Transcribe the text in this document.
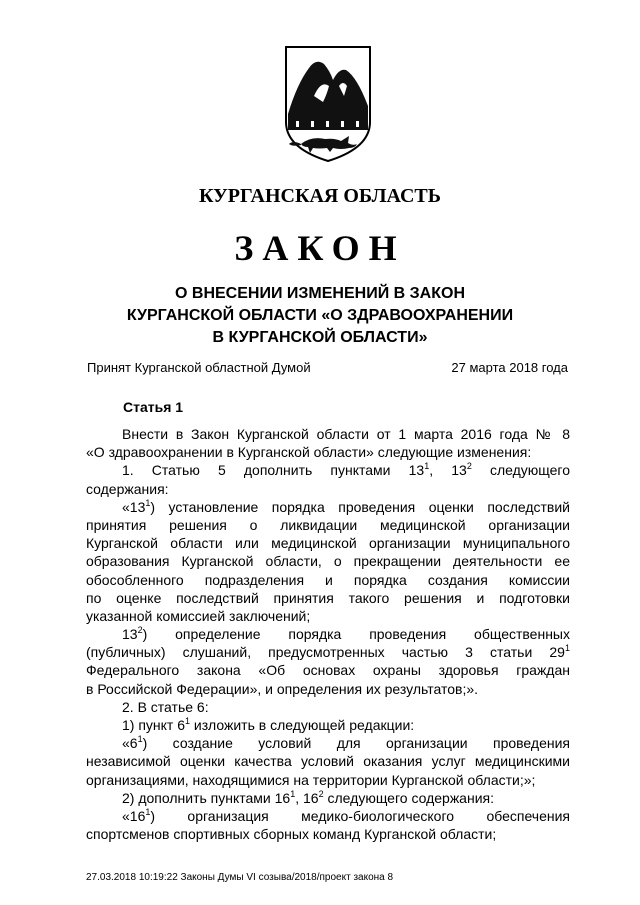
КУРГАНСКАЯ ОБЛАСТЬ
ЗАКОН
О ВНЕСЕНИИ ИЗМЕНЕНИЙ В ЗАКОН
КУРГАНСКОЙ ОБЛАСТИ «О ЗДРАВООХРАНЕНИИ
В КУРГАНСКОЙ ОБЛАСТИ»
Принят Курганской областной Думой	27 марта 2018 года
Статья 1
Внести в Закон Курганской области от 1 марта 2016 года № 8
«О здравоохранении в Курганской области» следующие изменения:
1. Статью 5 дополнить пунктами $13^1$, $13^2$ следующего
содержания:
«$13^1$) установление порядка проведения оценки последствий
принятия решения о ликвидации медицинской организации
Курганской области или медицинской организации муниципального
образования Курганской области, о прекращении деятельности ее
обособленного подразделения и порядка создания комиссии
по оценке последствий принятия такого решения и подготовки
указанной комиссией заключений;
$13^2$) определение порядка проведения общественных
(публичных) слушаний, предусмотренных частью 3 статьи $29^1$
Федерального закона «Об основах охраны здоровья граждан
в Российской Федерации», и определения их результатов;».
2. В статье 6:
1) пункт $6^1$ изложить в следующей редакции:
«$6^1$) создание условий для организации проведения
независимой оценки качества условий оказания услуг медицинскими
организациями, находящимися на территории Курганской области;»;
2) дополнить пунктами $16^1$, $16^2$ следующего содержания:
«$16^1$) организация медико-биологического обеспечения
спортсменов спортивных сборных команд Курганской области;
27.03.2018 10:19:22 Законы Думы VI созыва/2018/проект закона 8
